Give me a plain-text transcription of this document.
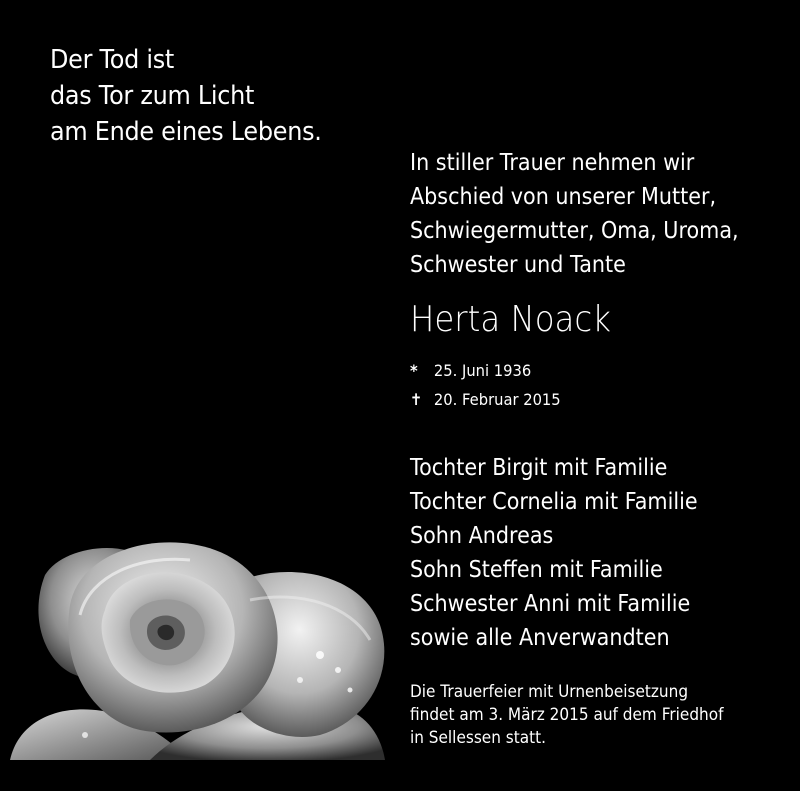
Der Tod ist
das Tor zum Licht
am Ende eines Lebens.
In stiller Trauer nehmen wir
Abschied von unserer Mutter,
Schwiegermutter, Oma, Uroma,
Schwester und Tante
Herta Noack
*	25. Juni 1936
✝ 20. Februar 2015
Tochter Birgit mit Familie
Tochter Cornelia mit Familie
Sohn Andreas
Sohn Steffen mit Familie
Schwester Anni mit Familie
sowie alle Anverwandten
Die Trauerfeier mit Urnenbeisetzung
findet am 3. März 2015 auf dem Friedhof
in Sellessen statt.
